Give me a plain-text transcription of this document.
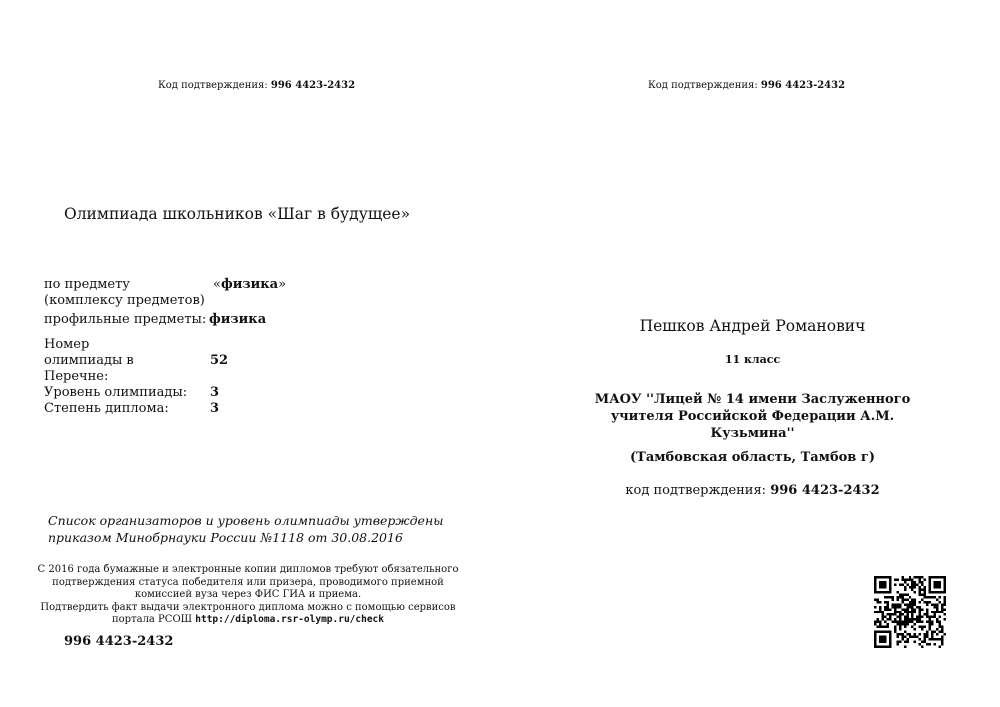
Код подтверждения: 996 4423-2432
Олимпиада школьников «Шаг в будущее»
по предмету (комплексу предметов)	«физика»
профильные предметы:	физика
Номер олимпиады в Перечне:	52
Уровень олимпиады:	3
Степень диплома:	3
Список организаторов и уровень олимпиады утверждены
приказом Минобрнауки России №1118 от 30.08.2016
С 2016 года бумажные и электронные копии дипломов требуют обязательного подтверждения статуса победителя или призера, проводимого приемной комиссией вуза через ФИС ГИА и приема.
Подтвердить факт выдачи электронного диплома можно с помощью сервисов портала РСОШ http://diploma.rsr-olymp.ru/check
996 4423-2432
Код подтверждения: 996 4423-2432
Пешков Андрей Романович
11 класс
МАОУ ''Лицей № 14 имени Заслуженного учителя Российской Федерации А.М. Кузьмина''
(Тамбовская область, Тамбов г)
код подтверждения: 996 4423-2432
